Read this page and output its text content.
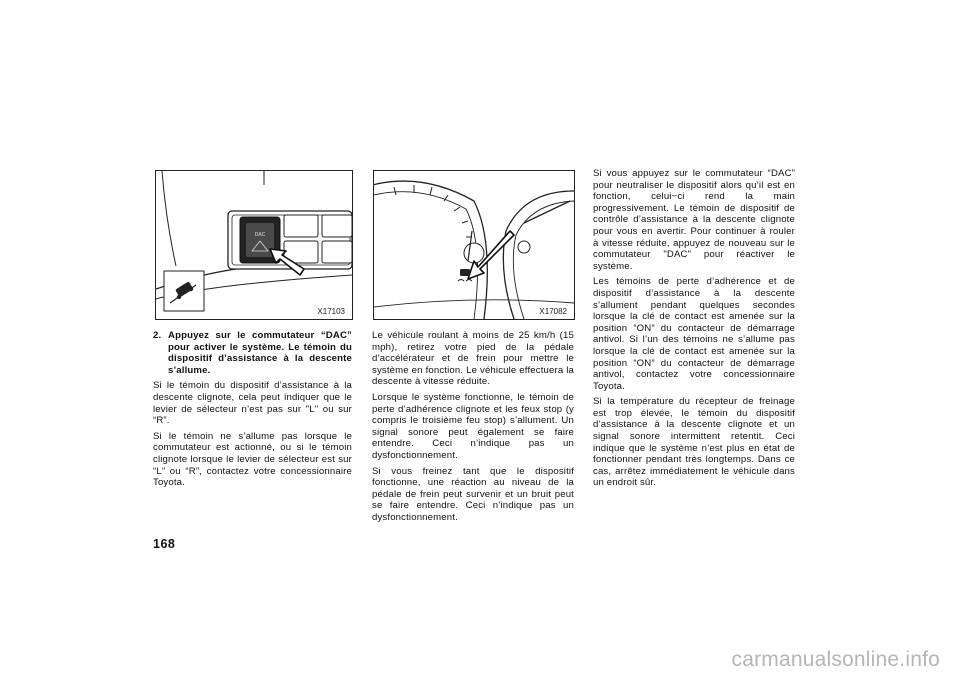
DAC
X17103	X17082
2. Appuyez sur le commutateur “DAC” pour activer le système. Le témoin du dispositif d’assistance à la descente s’allume.

Si le témoin du dispositif d’assistance à la descente clignote, cela peut indiquer que le levier de sélecteur n’est pas sur "L" ou sur “R”.

Si le témoin ne s’allume pas lorsque le commutateur est actionné, ou si le témoin clignote lorsque le levier de sélecteur est sur “L” ou “R”, contactez votre concessionnaire Toyota.

Le véhicule roulant à moins de 25 km/h (15 mph), retirez votre pied de la pédale d’accélérateur et de frein pour mettre le système en fonction. Le véhicule effectuera la descente à vitesse réduite.

Lorsque le système fonctionne, le témoin de perte d’adhérence clignote et les feux stop (y compris le troisième feu stop) s’allument. Un signal sonore peut également se faire entendre. Ceci n’indique pas un dysfonctionnement.

Si vous freinez tant que le dispositif fonctionne, une réaction au niveau de la pédale de frein peut survenir et un bruit peut se faire entendre. Ceci n’indique pas un dysfonctionnement.

Si vous appuyez sur le commutateur “DAC” pour neutraliser le dispositif alors qu’il est en fonction, celui−ci rend la main progressivement. Le témoin de dispositif de contrôle d’assistance à la descente clignote pour vous en avertir. Pour continuer à rouler à vitesse réduite, appuyez de nouveau sur le commutateur "DAC" pour réactiver le système.

Les témoins de perte d’adhérence et de dispositif d’assistance à la descente s’allument pendant quelques secondes lorsque la clé de contact est amenée sur la position “ON” du contacteur de démarrage antivol. Si l’un des témoins ne s’allume pas lorsque la clé de contact est amenée sur la position “ON” du contacteur de démarrage antivol, contactez votre concessionnaire Toyota.

Si la température du récepteur de freinage est trop élevée, le témoin du dispositif d’assistance à la descente clignote et un signal sonore intermittent retentit. Ceci indique que le système n’est plus en état de fonctionner pendant très longtemps. Dans ce cas, arrêtez immédiatement le véhicule dans un endroit sûr.

168
carmanualsonline.info
